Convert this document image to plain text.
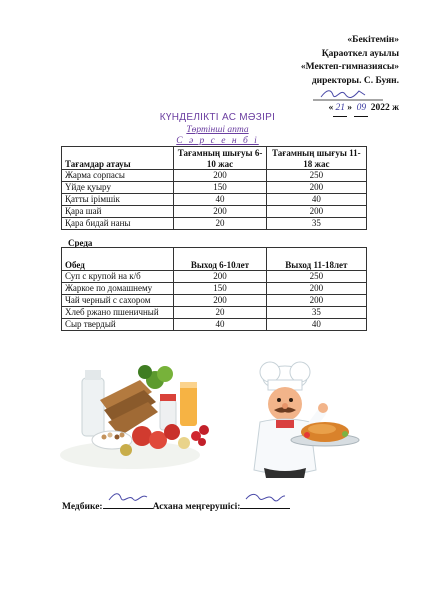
«Бекітемін»
Қараоткел ауылы
«Мектеп-гимназиясы»
директоры. С. Буян.
« 21 » 09 2022 ж
КҮНДЕЛІКТІ АС МӘЗІРІ
Төртінші апта
С ә р с е н б і
Тағамдар атауы	Тағамның шығуы 6-10 жас	Тағамның шығуы 11-18 жас
Жарма сорпасы	200	250
Үйде қуыру	150	200
Қатты ірімшік	40	40
Қара шай	200	200
Қара бидай наны	20	35
Среда
Обед	Выход 6-10лет	Выход 11-18лет
Суп с крупой на к/б	200	250
Жаркое по домашнему	150	200
Чай черный с сахором	200	200
Хлеб ржано пшеничный	20	35
Сыр твердый	40	40
Медбике:	Асхана меңгерушісі:
